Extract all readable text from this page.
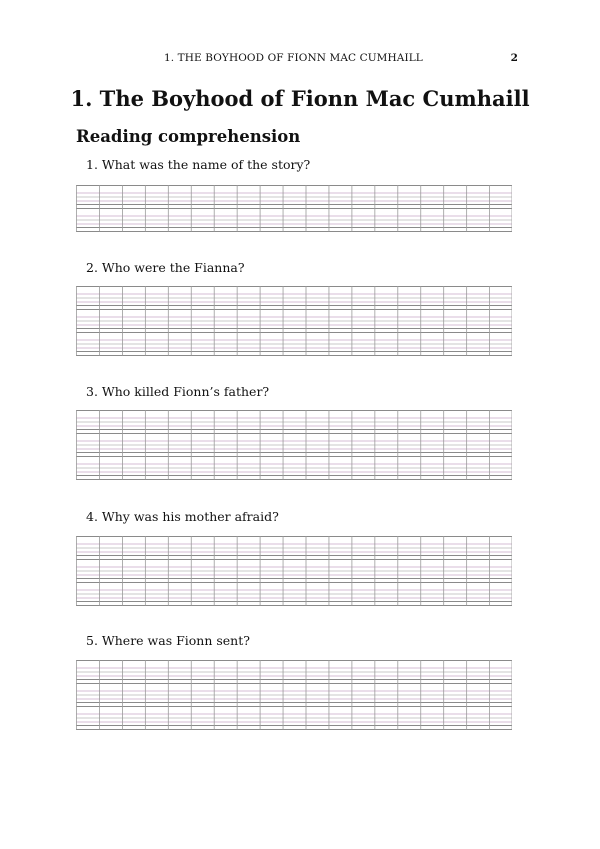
1. THE BOYHOOD OF FIONN MAC CUMHAILL	2
1. The Boyhood of Fionn Mac Cumhaill
Reading comprehension

1. What was the name of the story?

2. Who were the Fianna?

3. Who killed Fionn’s father?

4. Why was his mother afraid?

5. Where was Fionn sent?
